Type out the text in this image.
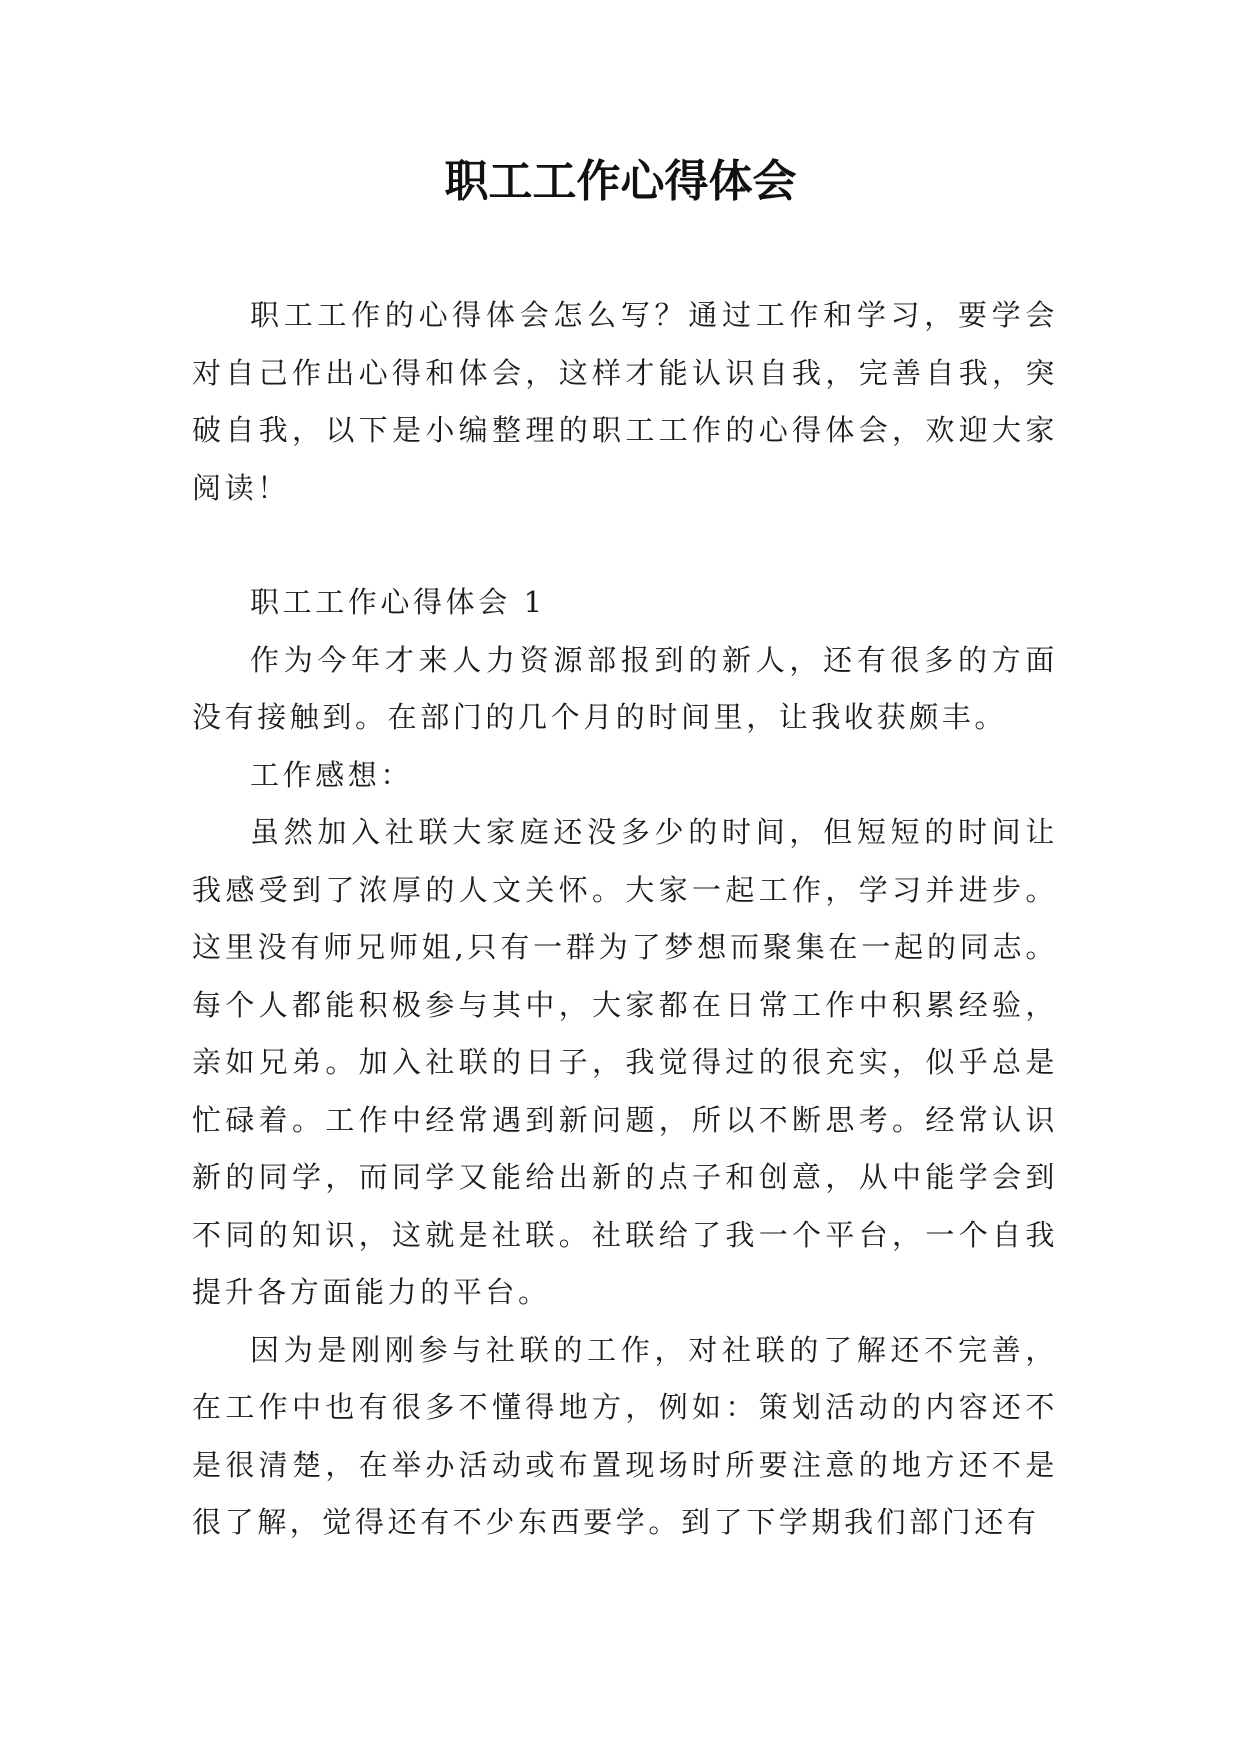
职工工作心得体会

职工工作的心得体会怎么写？通过工作和学习，要学会对自己作出心得和体会，这样才能认识自我，完善自我，突破自我，以下是小编整理的职工工作的心得体会，欢迎大家阅读！

职工工作心得体会 1

作为今年才来人力资源部报到的新人，还有很多的方面没有接触到。在部门的几个月的时间里，让我收获颇丰。

工作感想：

虽然加入社联大家庭还没多少的时间，但短短的时间让我感受到了浓厚的人文关怀。大家一起工作，学习并进步。这里没有师兄师姐,只有一群为了梦想而聚集在一起的同志。每个人都能积极参与其中，大家都在日常工作中积累经验，亲如兄弟。加入社联的日子，我觉得过的很充实，似乎总是忙碌着。工作中经常遇到新问题，所以不断思考。经常认识新的同学，而同学又能给出新的点子和创意，从中能学会到不同的知识，这就是社联。社联给了我一个平台，一个自我提升各方面能力的平台。

因为是刚刚参与社联的工作，对社联的了解还不完善，在工作中也有很多不懂得地方，例如：策划活动的内容还不是很清楚，在举办活动或布置现场时所要注意的地方还不是很了解，觉得还有不少东西要学。到了下学期我们部门还有
